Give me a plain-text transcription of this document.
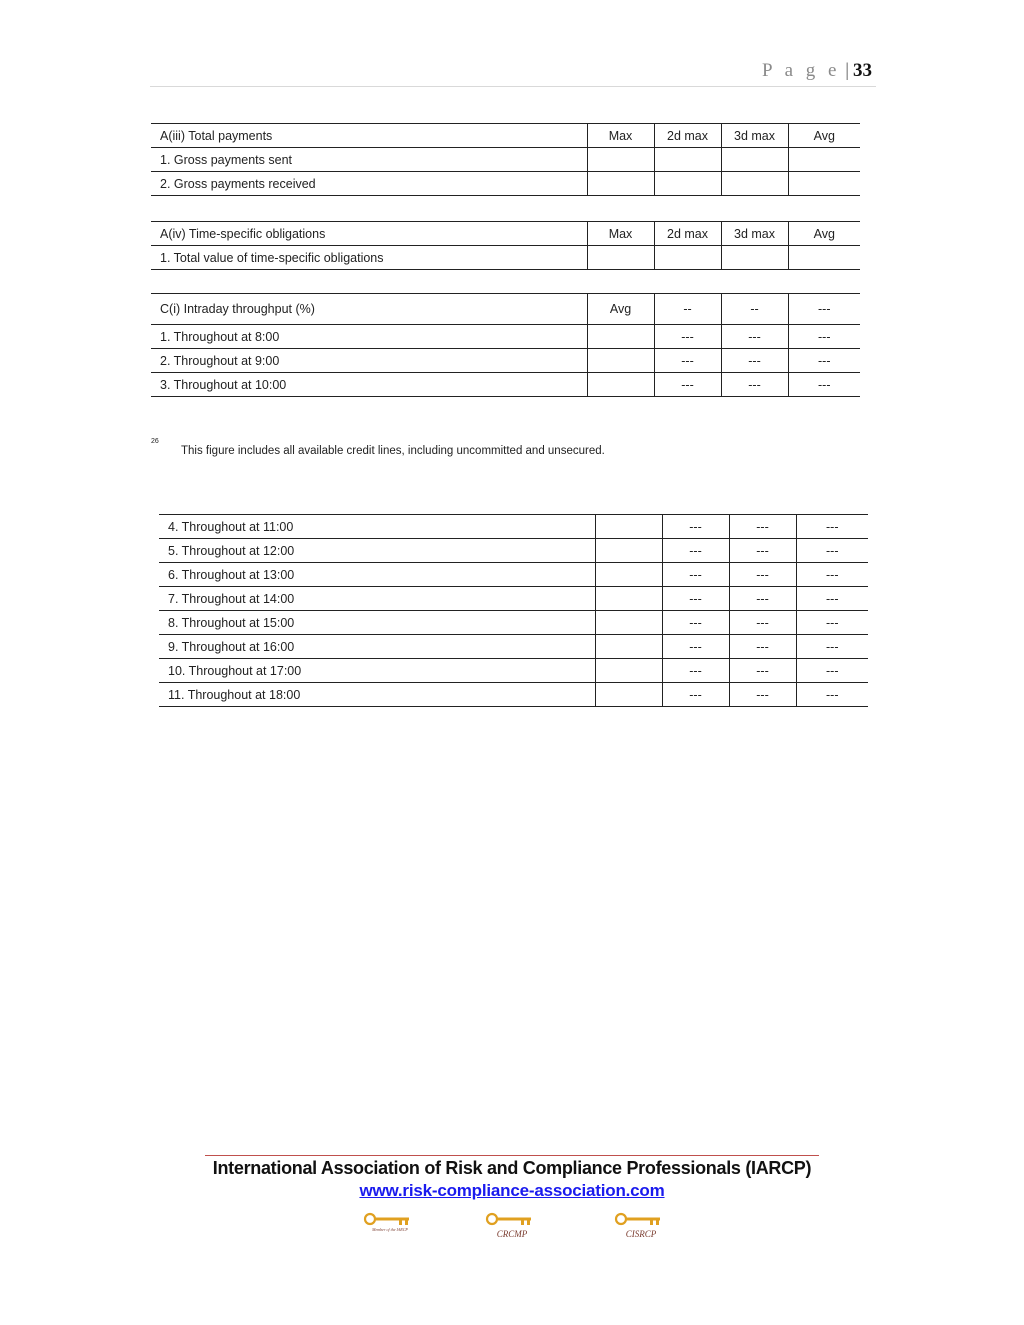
P a g e | 33
A(iii) Total payments	Max	2d max	3d max	Avg
1. Gross payments sent				
2. Gross payments received				
A(iv) Time-specific obligations	Max	2d max	3d max	Avg
1. Total value of time-specific obligations				
C(i) Intraday throughput (%)	Avg	--	--	---
1. Throughout at 8:00		---	---	---
2. Throughout at 9:00		---	---	---
3. Throughout at 10:00		---	---	---
$^{26}$
This figure includes all available credit lines, including uncommitted and unsecured.
4. Throughout at 11:00		---	---	---
5. Throughout at 12:00		---	---	---
6. Throughout at 13:00		---	---	---
7. Throughout at 14:00		---	---	---
8. Throughout at 15:00		---	---	---
9. Throughout at 16:00		---	---	---
10. Throughout at 17:00		---	---	---
11. Throughout at 18:00		---	---	---
International Association of Risk and Compliance Professionals (IARCP)
www.risk-compliance-association.com
Member of the IARCP	CRCMP	CISRCP
